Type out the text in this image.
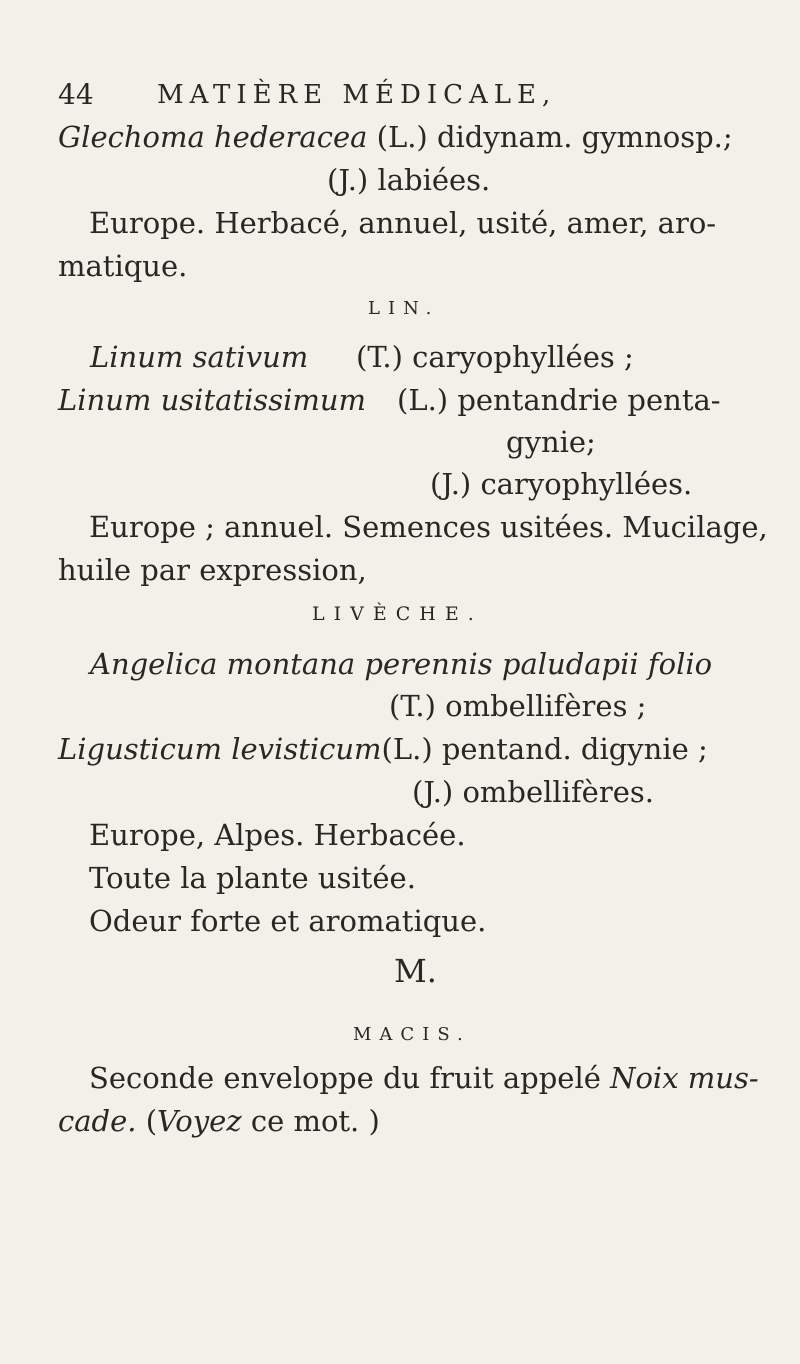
44 MATIÈRE MÉDICALE,
Glechoma hederacea (L.) didynam. gymnosp.;
(J.) labiées.
Europe. Herbacé, annuel, usité, amer, aro-
matique.
LIN.
Linum sativum (T.) caryophyllées ;
Linum usitatissimum (L.) pentandrie penta-
gynie;
(J.) caryophyllées.
Europe ; annuel. Semences usitées. Mucilage,
huile par expression,
LIVÈCHE.
Angelica montana perennis paludapii folio
(T.) ombellifères ;
Ligusticum levisticum(L.) pentand. digynie ;
(J.) ombellifères.
Europe, Alpes. Herbacée.
Toute la plante usitée.
Odeur forte et aromatique.
M.
MACIS.
Seconde enveloppe du fruit appelé Noix mus-
cade. (Voyez ce mot. )
